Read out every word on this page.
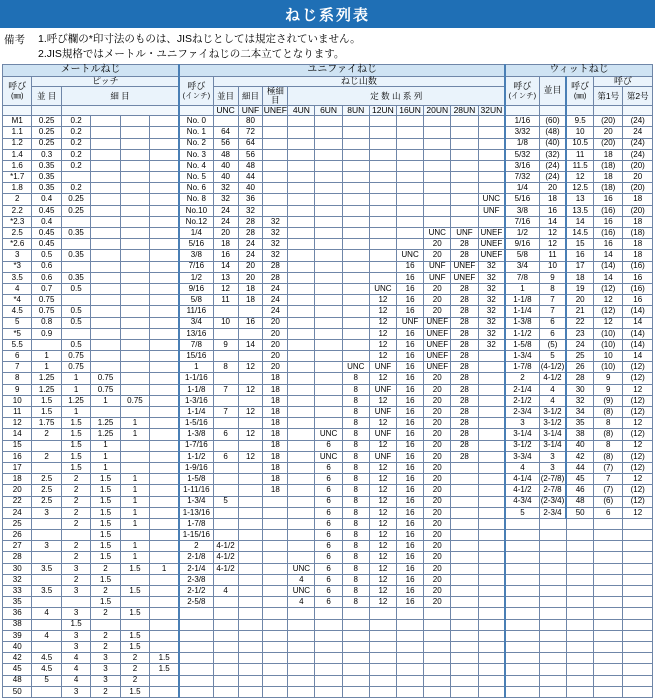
ねじ系列表
備考	1.呼び欄の*印寸法のものは、JISねじとしては規定されていません。
2.JIS規格ではメートル・ユニファイねじの二本立てとなります。
メートルねじ						ユニファイねじ												ウィットねじ				

呼び
(㎜)
	ピッチ	
呼び
(インチ)
	ねじ山数	
呼び
(インチ)	並目	呼び
(㎜)
	呼び
	並 目	細 目					並目	細目	極細目	定 数 山 系 列											第1号	第2号
							UNC	UNF	UNEF	4UN	6UN	8UN	12UN	16UN	20UN	28UN	32UN					
M1	0.25	0.2				No. 0		80										1/16	(60)	9.5	(20)	(24)
1.1	0.25	0.2				No. 1	64	72										3/32	(48)	10	20	24
1.2	0.25	0.2				No. 2	56	64										1/8	(40)	10.5	(20)	(24)
1.4	0.3	0.2				No. 3	48	56										5/32	(32)	11	18	(24)
1.6	0.35	0.2				No. 4	40	48										3/16	(24)	11.5	(18)	(20)
*1.7	0.35					No. 5	40	44										7/32	(24)	12	18	20
1.8	0.35	0.2				No. 6	32	40										1/4	20	12.5	(18)	(20)
2	0.4	0.25				No. 8	32	36									UNC	5/16	18	13	16	18
2.2	0.45	0.25				No.10	24	32									UNF	3/8	16	13.5	(16)	(20)
*2.3	0.4					No.12	24	28	32									7/16	14	14	16	18
2.5	0.45	0.35				1/4	20	28	32						UNC	UNF	UNEF	1/2	12	14.5	(16)	(18)
*2.6	0.45					5/16	18	24	32						20	28	UNEF	9/16	12	15	16	18
3	0.5	0.35				3/8	16	24	32					UNC	20	28	UNEF	5/8	11	16	14	18
*3	0.6					7/16	14	20	28					16	UNF	UNEF	32	3/4	10	17	(14)	(16)
3.5	0.6	0.35				1/2	13	20	28					16	UNF	UNEF	32	7/8	9	18	14	16
4	0.7	0.5				9/16	12	18	24				UNC	16	20	28	32	1	8	19	(12)	(16)
*4	0.75					5/8	11	18	24				12	16	20	28	32	1-1/8	7	20	12	16
4.5	0.75	0.5				11/16			24				12	16	20	28	32	1-1/4	7	21	(12)	(14)
5	0.8	0.5				3/4	10	16	20				12	UNF	UNEF	28	32	1-3/8	6	22	12	14
*5	0.9					13/16			20				12	16	UNEF	28	32	1-1/2	6	23	(10)	(14)
5.5		0.5				7/8	9	14	20				12	16	UNEF	28	32	1-5/8	(5)	24	(10)	(14)
6	1	0.75				15/16			20				12	16	UNEF	28		1-3/4	5	25	10	14
7	1	0.75				1	8	12	20			UNC	UNF	16	UNEF	28		1-7/8	(4-1/2)	26	(10)	(12)
8	1.25	1	0.75			1-1/16			18			8	12	16	20	28		2	4-1/2	28	9	(12)
9	1.25	1	0.75			1-1/8	7	12	18			8	UNF	16	20	28		2-1/4	4	30	9	12
10	1.5	1.25	1	0.75		1-3/16			18			8	12	16	20	28		2-1/2	4	32	(9)	(12)
11	1.5	1				1-1/4	7	12	18			8	UNF	16	20	28		2-3/4	3-1/2	34	(8)	(12)
12	1.75	1.5	1.25	1		1-5/16			18			8	12	16	20	28		3	3-1/2	35	8	12
14	2	1.5	1.25	1		1-3/8	6	12	18		UNC	8	UNF	16	20	28		3-1/4	3-1/4	38	(8)	(12)
15		1.5	1			1-7/16			18		6	8	12	16	20	28		3-1/2	3-1/4	40	8	12
16	2	1.5	1			1-1/2	6	12	18		UNC	8	UNF	16	20	28		3-3/4	3	42	(8)	(12)
17		1.5	1			1-9/16			18		6	8	12	16	20			4	3	44	(7)	(12)
18	2.5	2	1.5	1		1-5/8			18		6	8	12	16	20			4-1/4	(2-7/8)	45	7	12
20	2.5	2	1.5	1		1-11/16			18		6	8	12	16	20			4-1/2	2-7/8	46	(7)	(12)
22	2.5	2	1.5	1		1-3/4	5				6	8	12	16	20			4-3/4	(2-3/4)	48	(6)	(12)
24	3	2	1.5	1		1-13/16					6	8	12	16	20			5	2-3/4	50	6	12
25		2	1.5	1		1-7/8					6	8	12	16	20							
26			1.5			1-15/16					6	8	12	16	20							
27	3	2	1.5	1		2	4-1/2				6	8	12	16	20							
28		2	1.5	1		2-1/8	4-1/2				6	8	12	16	20							
30	3.5	3	2	1.5	1	2-1/4	4-1/2			UNC	6	8	12	16	20							
32		2	1.5			2-3/8				4	6	8	12	16	20							
33	3.5	3	2	1.5		2-1/2	4			UNC	6	8	12	16	20							
35			1.5			2-5/8				4	6	8	12	16	20							
36	4	3	2	1.5																		
38		1.5																				
39	4	3	2	1.5																		
40		3	2	1.5																		
42	4.5	4	3	2	1.5																	
45	4.5	4	3	2	1.5																	
48	5	4	3	2																		
50		3	2	1.5																		
